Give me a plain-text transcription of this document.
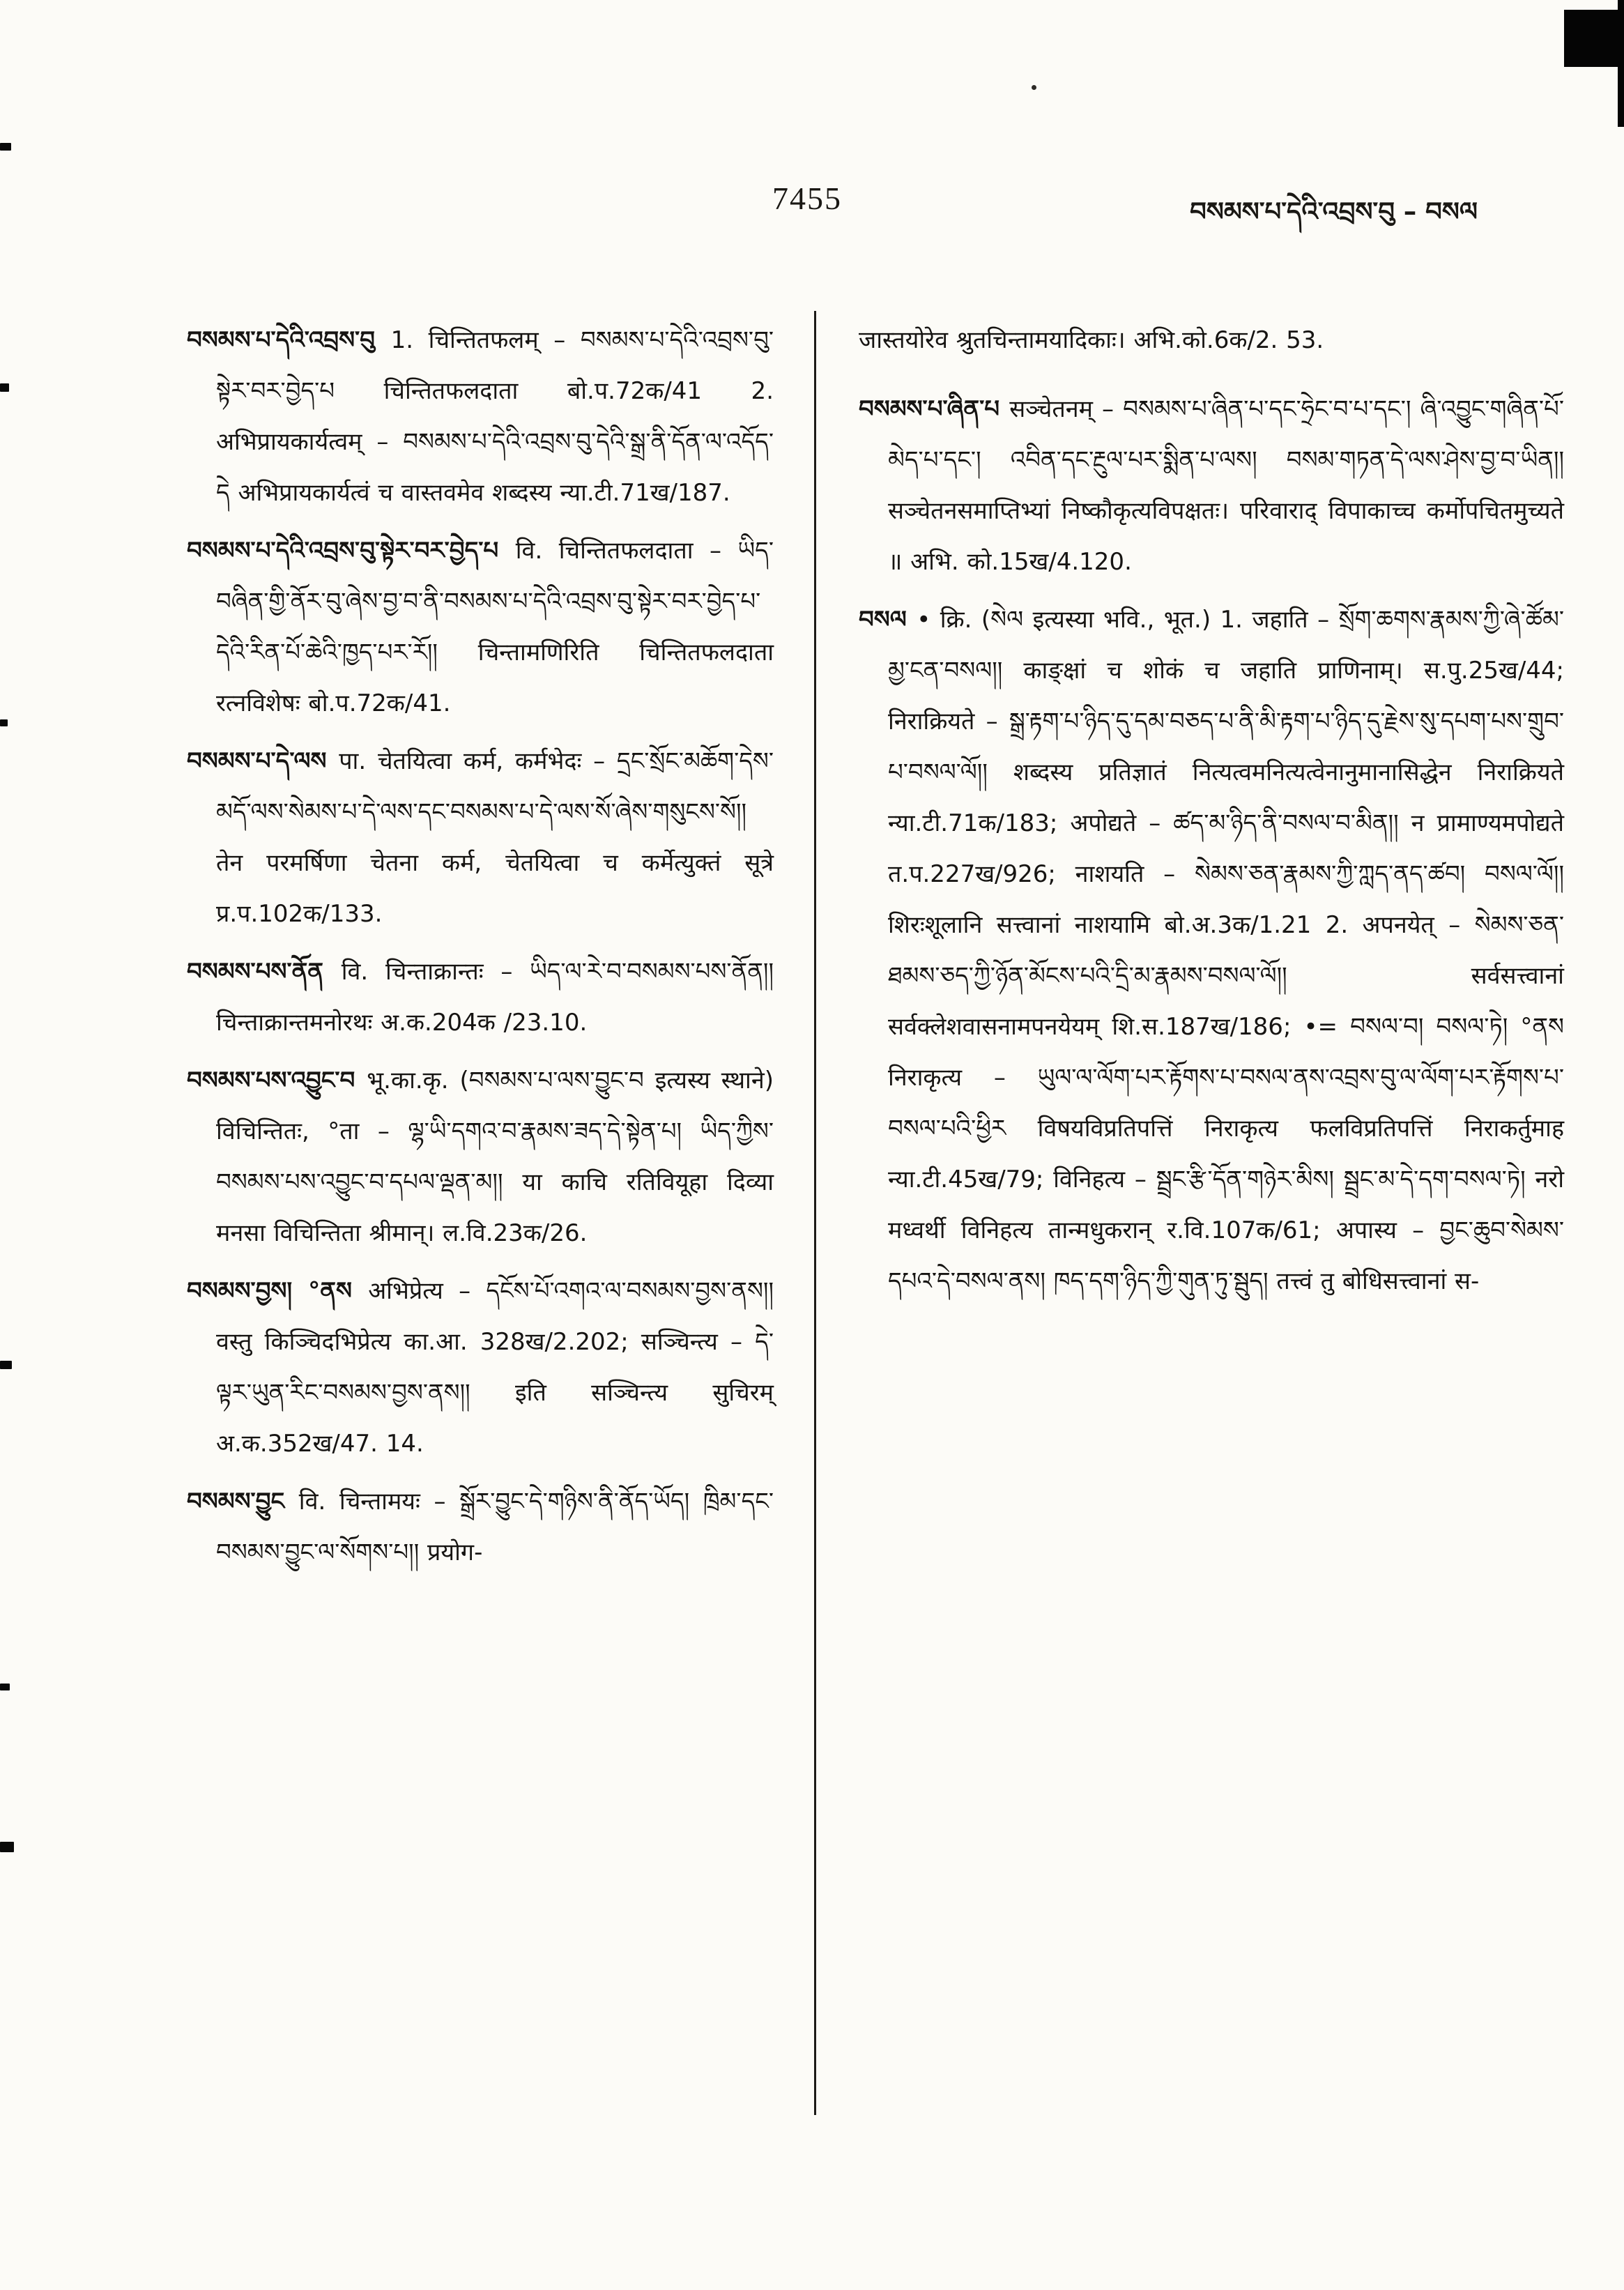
7455	བསམས་པ་དེའི་འབྲས་བུ – བསལ

བསམས་པ་དེའི་འབྲས་བུ 1. चिन्तितफलम् – བསམས་པ་དེའི་འབྲས་བུ་སྟེར་བར་བྱེད་པ चिन्तितफलदाता बो.प.72क/41 2. अभिप्रायकार्यत्वम् – བསམས་པ་དེའི་འབྲས་བུ་དེའི་སྒྲ་ནི་དོན་ལ་འདོད་དེ अभिप्रायकार्यत्वं च वास्तवमेव शब्दस्य न्या.टी.71ख/187.

བསམས་པ་དེའི་འབྲས་བུ་སྟེར་བར་བྱེད་པ वि. चिन्तितफलदाता – ཡིད་བཞིན་གྱི་ནོར་བུ་ཞེས་བྱ་བ་ནི་བསམས་པ་དེའི་འབྲས་བུ་སྟེར་བར་བྱེད་པ་དེའི་རིན་པོ་ཆེའི་ཁྱད་པར་རོ།། चिन्तामणिरिति चिन्तितफलदाता रत्नविशेषः बो.प.72क/41.

བསམས་པ་དེ་ལས पा. चेतयित्वा कर्म, कर्मभेदः – དྲང་སྲོང་མཆོག་དེས་མདོ་ལས་སེམས་པ་དེ་ལས་དང་བསམས་པ་དེ་ལས་སོ་ཞེས་གསུངས་སོ།། तेन परमर्षिणा चेतना कर्म, चेतयित्वा च कर्मेत्युक्तं सूत्रे प्र.प.102क/133.

བསམས་པས་ནོན वि. चिन्ताक्रान्तः – ཡིད་ལ་རེ་བ་བསམས་པས་ནོན།། चिन्ताक्रान्तमनोरथः अ.क.204क /23.10.

བསམས་པས་འབྱུང་བ भू.का.कृ. (བསམས་པ་ལས་བྱུང་བ इत्यस्य स्थाने) विचिन्तितः, °ता – ལྷ་ཡི་དགའ་བ་རྣམས་ཟད་དེ་སྟེན་པ། ཡིད་ཀྱིས་བསམས་པས་འབྱུང་བ་དཔལ་ལྡན་མ།། या काचि रतिवियूहा दिव्या मनसा विचिन्तिता श्रीमान्। ल.वि.23क/26.

བསམས་བྱས། °ནས अभिप्रेत्य – དངོས་པོ་འགའ་ལ་བསམས་བྱས་ནས།། वस्तु किञ्चिदभिप्रेत्य का.आ. 328ख/2.202; सञ्चिन्त्य – དེ་ལྟར་ཡུན་རིང་བསམས་བྱས་ནས།། इति सञ्चिन्त्य सुचिरम् अ.क.352ख/47. 14.

བསམས་བྱུང वि. चिन्तामयः – སྒྲོར་བྱུང་དེ་གཉིས་ནི་ནོད་ཡོད། ཁྲིམ་དང་བསམས་བྱུང་ལ་སོགས་པ།། प्रयोग-

जास्तयोरेव श्रुतचिन्तामयादिकाः। अभि.को.6क/2. 53.

བསམས་པ་ཞིན་པ सञ्चेतनम् – བསམས་པ་ཞིན་པ་དང་ཧྲེང་བ་པ་དང་། ཞི་འབྱུང་གཞིན་པོ་མེད་པ་དང་། འབིན་དང་རྔུལ་པར་སྨིན་པ་ལས། བསམ་གཏན་དེ་ལས་ཤེས་བྱ་བ་ཡིན།། सञ्चेतनसमाप्तिभ्यां निष्कौकृत्यविपक्षतः। परिवाराद् विपाकाच्च कर्मोपचितमुच्यते ॥ अभि. को.15ख/4.120.

བསལ • क्रि. (སེལ इत्यस्या भवि., भूत.) 1. जहाति – སྲོག་ཆགས་རྣམས་ཀྱི་ཞེ་ཚོམ་མྱ་ངན་བསལ།། काङ्क्षां च शोकं च जहाति प्राणिनाम्। स.पु.25ख/44; निराक्रियते – སྒྲ་རྟག་པ་ཉིད་དུ་དམ་བཅད་པ་ནི་མི་རྟག་པ་ཉིད་དུ་རྗེས་སུ་དཔག་པས་གྲུབ་པ་བསལ་ལོ།། शब्दस्य प्रतिज्ञातं नित्यत्वमनित्यत्वेनानुमानासिद्धेन निराक्रियते न्या.टी.71क/183; अपोद्यते – ཚད་མ་ཉིད་ནི་བསལ་བ་མིན།། न प्रामाण्यमपोद्यते त.प.227ख/926; नाशयति – སེམས་ཅན་རྣམས་ཀྱི་ཀླད་ནད་ཚབ། བསལ་ལོ།། शिरःशूलानि सत्त्वानां नाशयामि बो.अ.3क/1.21 2. अपनयेत् – སེམས་ཅན་ཐམས་ཅད་ཀྱི་ཉོན་མོངས་པའི་དྲི་མ་རྣམས་བསལ་ལོ།། सर्वसत्त्वानां सर्वक्लेशवासनामपनयेयम् शि.स.187ख/186; •= བསལ་བ། བསལ་ཏེ། °ནས निराकृत्य – ཡུལ་ལ་ལོག་པར་རྟོགས་པ་བསལ་ནས་འབྲས་བུ་ལ་ལོག་པར་རྟོགས་པ་བསལ་པའི་ཕྱིར विषयविप्रतिपत्तिं निराकृत्य फलविप्रतिपत्तिं निराकर्तुमाह न्या.टी.45ख/79; विनिहत्य – སྦྲང་རྩི་དོན་གཉེར་མིས། སྦྲང་མ་དེ་དག་བསལ་ཏེ། नरो मध्वर्थी विनिहत्य तान्मधुकरान् र.वि.107क/61; अपास्य – བྱང་ཆུབ་སེམས་དཔའ་དེ་བསལ་ནས། ཁད་དག་ཉིད་ཀྱི་གུན་ཏུ་སྦུད། तत्त्वं तु बोधिसत्त्वानां स-
